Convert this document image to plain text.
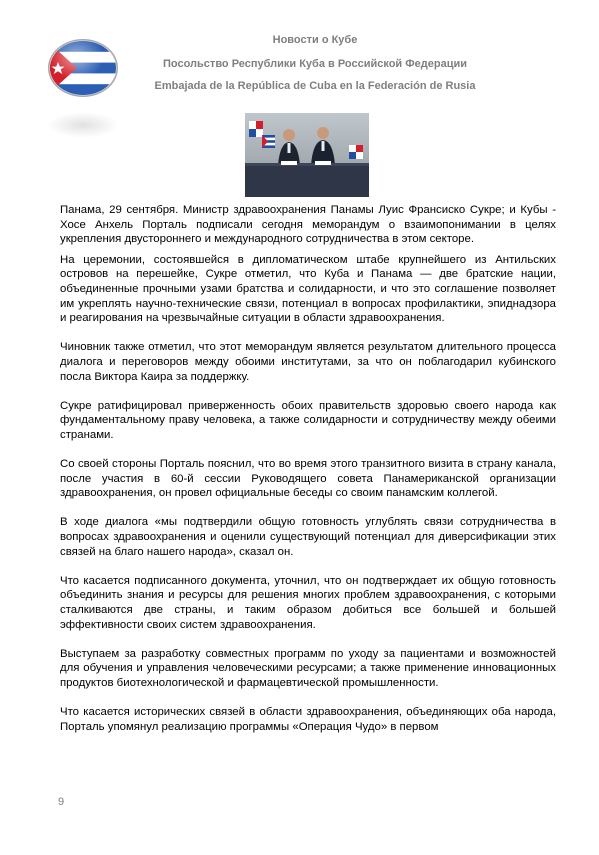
Новости о Кубе
Посольство Республики Куба в Российской Федерации
Embajada de la República de Cuba en la Federación de Rusia

Панама, 29 сентября. Министр здравоохранения Панамы Луис Франсиско Сукре; и Кубы - Хосе Анхель Порталь подписали сегодня меморандум о взаимопонимании в целях укрепления двустороннего и международного сотрудничества в этом секторе.

На церемонии, состоявшейся в дипломатическом штабе крупнейшего из Антильских островов на перешейке, Сукре отметил, что Куба и Панама — две братские нации, объединенные прочными узами братства и солидарности, и что это соглашение позволяет им укреплять научно-технические связи, потенциал в вопросах профилактики, эпиднадзора и реагирования на чрезвычайные ситуации в области здравоохранения.

Чиновник также отметил, что этот меморандум является результатом длительного процесса диалога и переговоров между обоими институтами, за что он поблагодарил кубинского посла Виктора Каира за поддержку.

Сукре ратифицировал приверженность обоих правительств здоровью своего народа как фундаментальному праву человека, а также солидарности и сотрудничеству между обеими странами.

Со своей стороны Порталь пояснил, что во время этого транзитного визита в страну канала, после участия в 60-й сессии Руководящего совета Панамериканской организации здравоохранения, он провел официальные беседы со своим панамским коллегой.

В ходе диалога «мы подтвердили общую готовность углублять связи сотрудничества в вопросах здравоохранения и оценили существующий потенциал для диверсификации этих связей на благо нашего народа», сказал он.

Что касается подписанного документа, уточнил, что он подтверждает их общую готовность объединить знания и ресурсы для решения многих проблем здравоохранения, с которыми сталкиваются две страны, и таким образом добиться все большей и большей эффективности своих систем здравоохранения.

Выступаем за разработку совместных программ по уходу за пациентами и возможностей для обучения и управления человеческими ресурсами; а также применение инновационных продуктов биотехнологической и фармацевтической промышленности.

Что касается исторических связей в области здравоохранения, объединяющих оба народа, Порталь упомянул реализацию программы «Операция Чудо» в первом

9
